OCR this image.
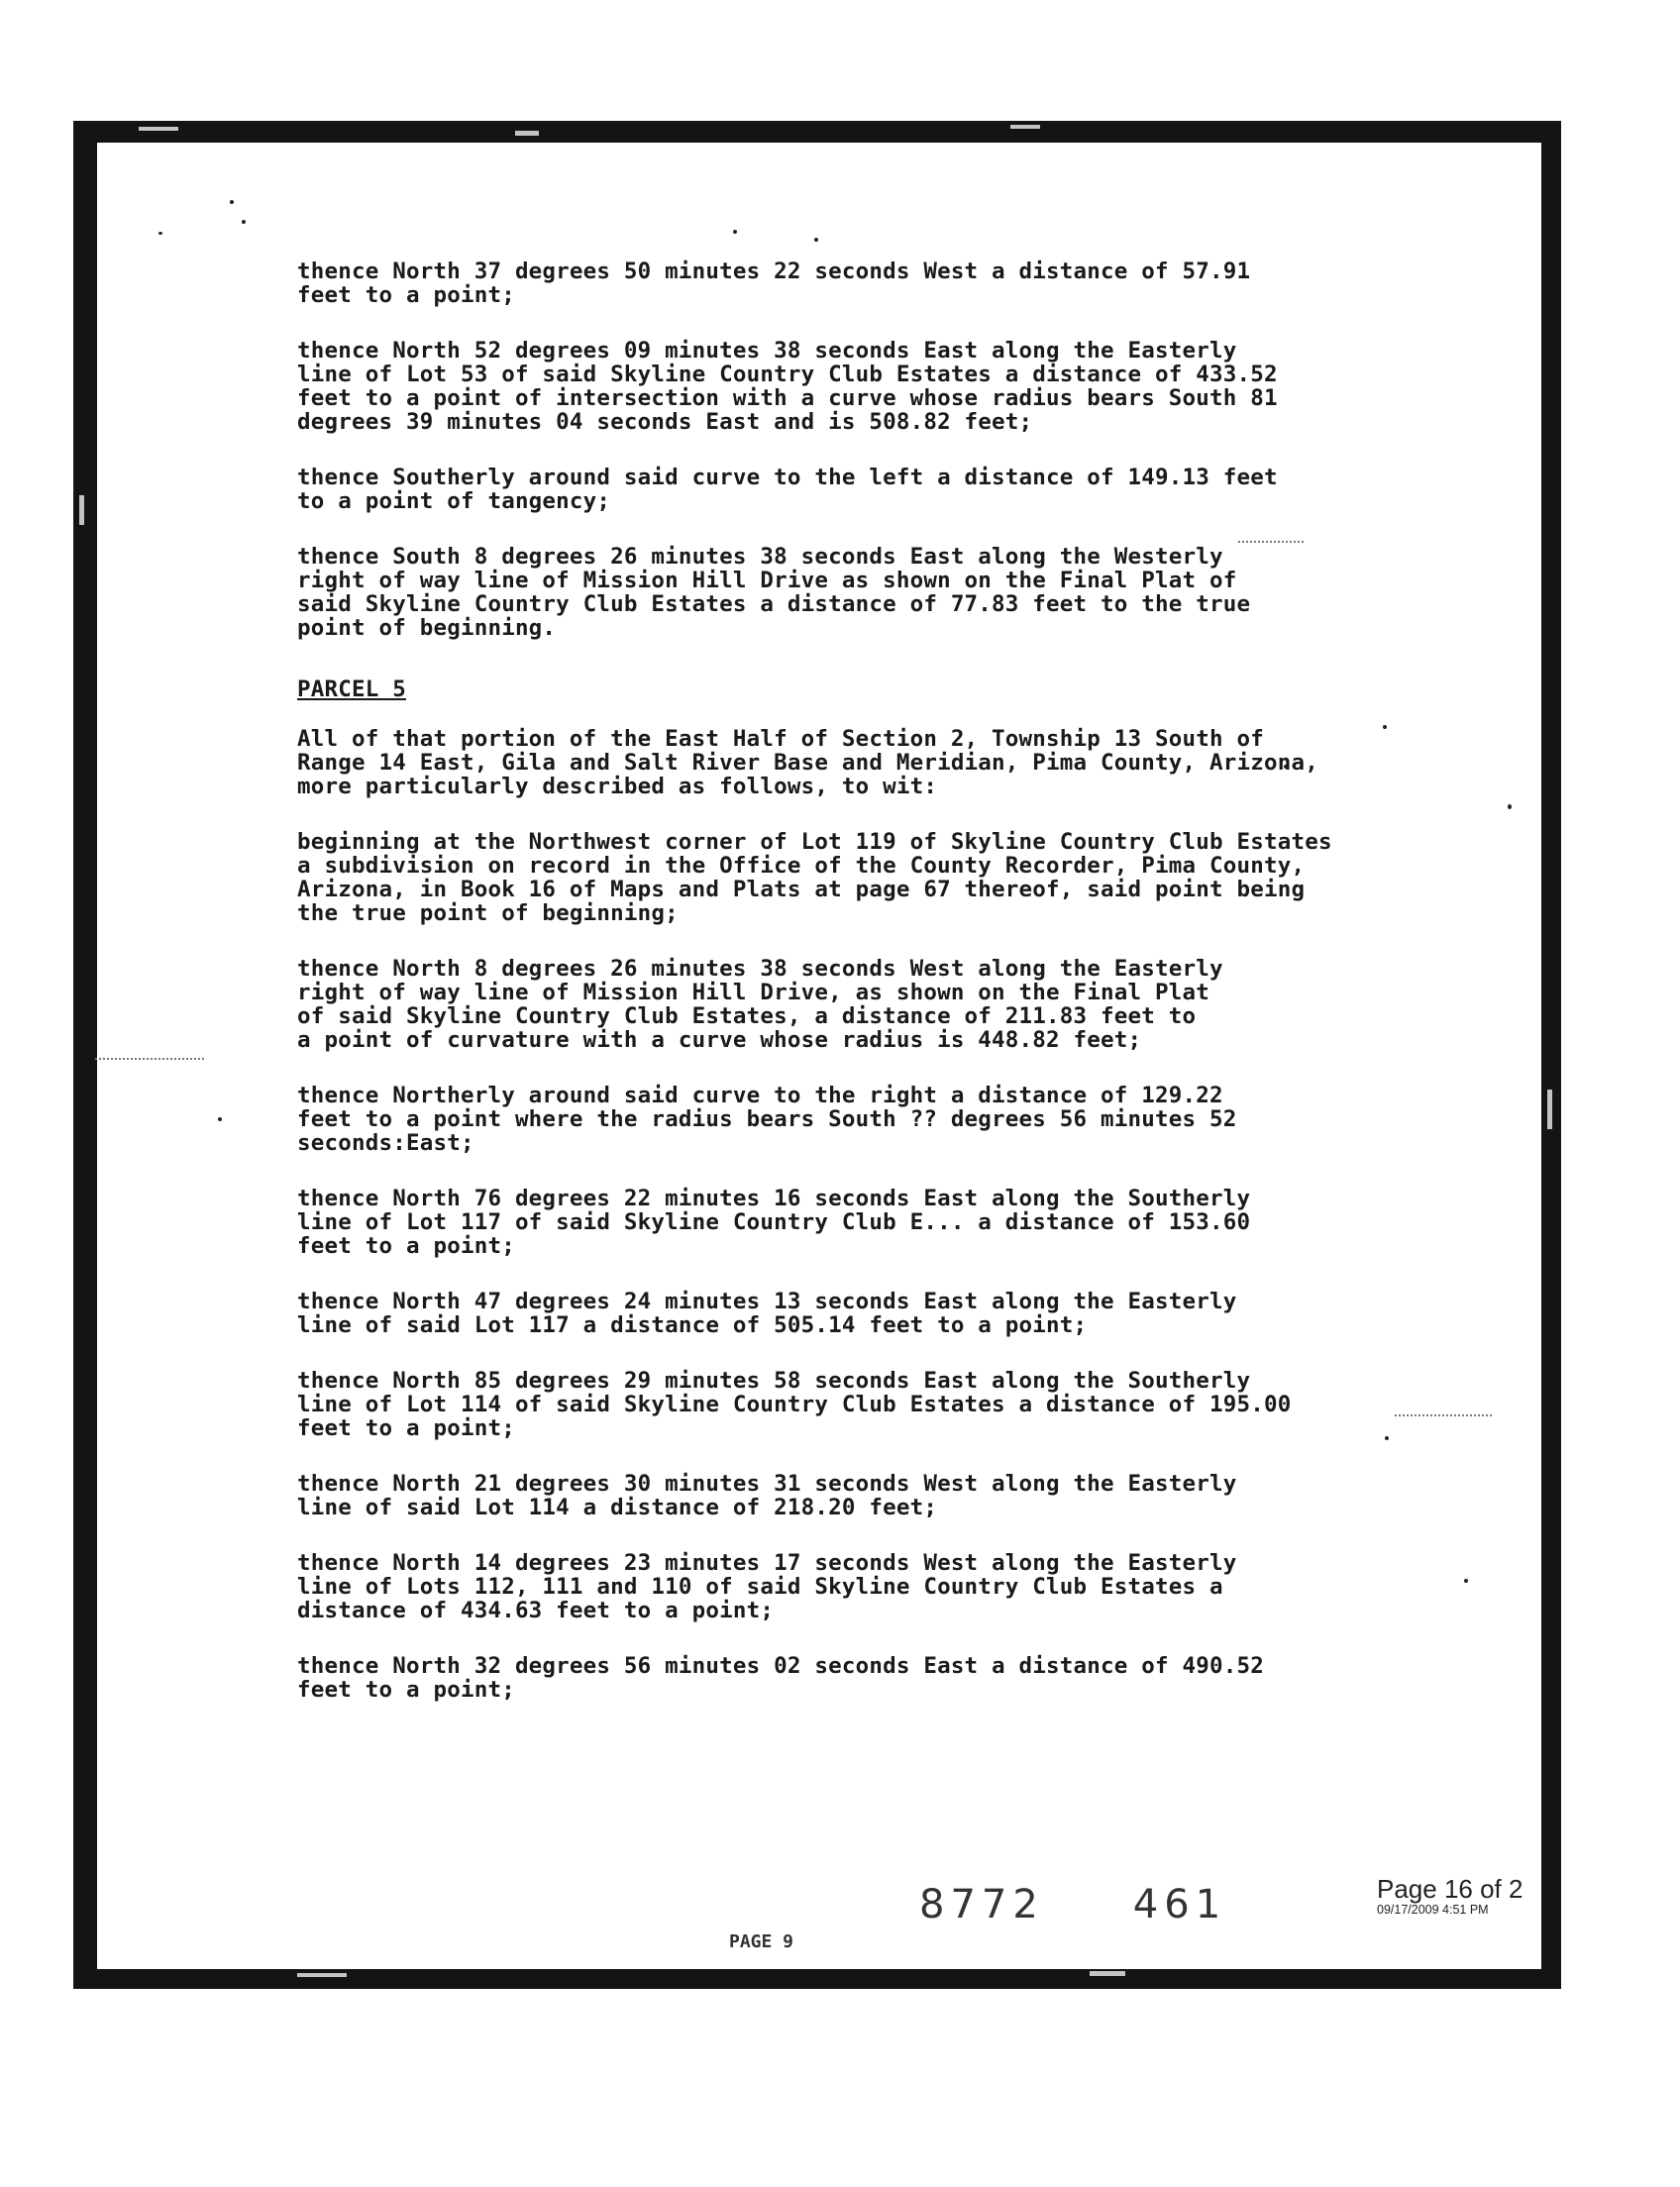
thence North 37 degrees 50 minutes 22 seconds West a distance of 57.91
feet to a point;

thence North 52 degrees 09 minutes 38 seconds East along the Easterly
line of Lot 53 of said Skyline Country Club Estates a distance of 433.52
feet to a point of intersection with a curve whose radius bears South 81
degrees 39 minutes 04 seconds East and is 508.82 feet;

thence Southerly around said curve to the left a distance of 149.13 feet
to a point of tangency;

thence South 8 degrees 26 minutes 38 seconds East along the Westerly
right of way line of Mission Hill Drive as shown on the Final Plat of
said Skyline Country Club Estates a distance of 77.83 feet to the true
point of beginning.

PARCEL 5

All of that portion of the East Half of Section 2, Township 13 South of
Range 14 East, Gila and Salt River Base and Meridian, Pima County, Arizona,
more particularly described as follows, to wit:

beginning at the Northwest corner of Lot 119 of Skyline Country Club Estates
a subdivision on record in the Office of the County Recorder, Pima County,
Arizona, in Book 16 of Maps and Plats at page 67 thereof, said point being
the true point of beginning;

thence North 8 degrees 26 minutes 38 seconds West along the Easterly
right of way line of Mission Hill Drive, as shown on the Final Plat
of said Skyline Country Club Estates, a distance of 211.83 feet to
a point of curvature with a curve whose radius is 448.82 feet;

thence Northerly around said curve to the right a distance of 129.22
feet to a point where the radius bears South ?? degrees 56 minutes 52
seconds:East;

thence North 76 degrees 22 minutes 16 seconds East along the Southerly
line of Lot 117 of said Skyline Country Club E... a distance of 153.60
feet to a point;

thence North 47 degrees 24 minutes 13 seconds East along the Easterly
line of said Lot 117 a distance of 505.14 feet to a point;

thence North 85 degrees 29 minutes 58 seconds East along the Southerly
line of Lot 114 of said Skyline Country Club Estates a distance of 195.00
feet to a point;

thence North 21 degrees 30 minutes 31 seconds West along the Easterly
line of said Lot 114 a distance of 218.20 feet;

thence North 14 degrees 23 minutes 17 seconds West along the Easterly
line of Lots 112, 111 and 110 of said Skyline Country Club Estates a
distance of 434.63 feet to a point;

thence North 32 degrees 56 minutes 02 seconds East a distance of 490.52
feet to a point;

8772 461
PAGE 9
Page 16 of 2
09/17/2009 4:51 PM
